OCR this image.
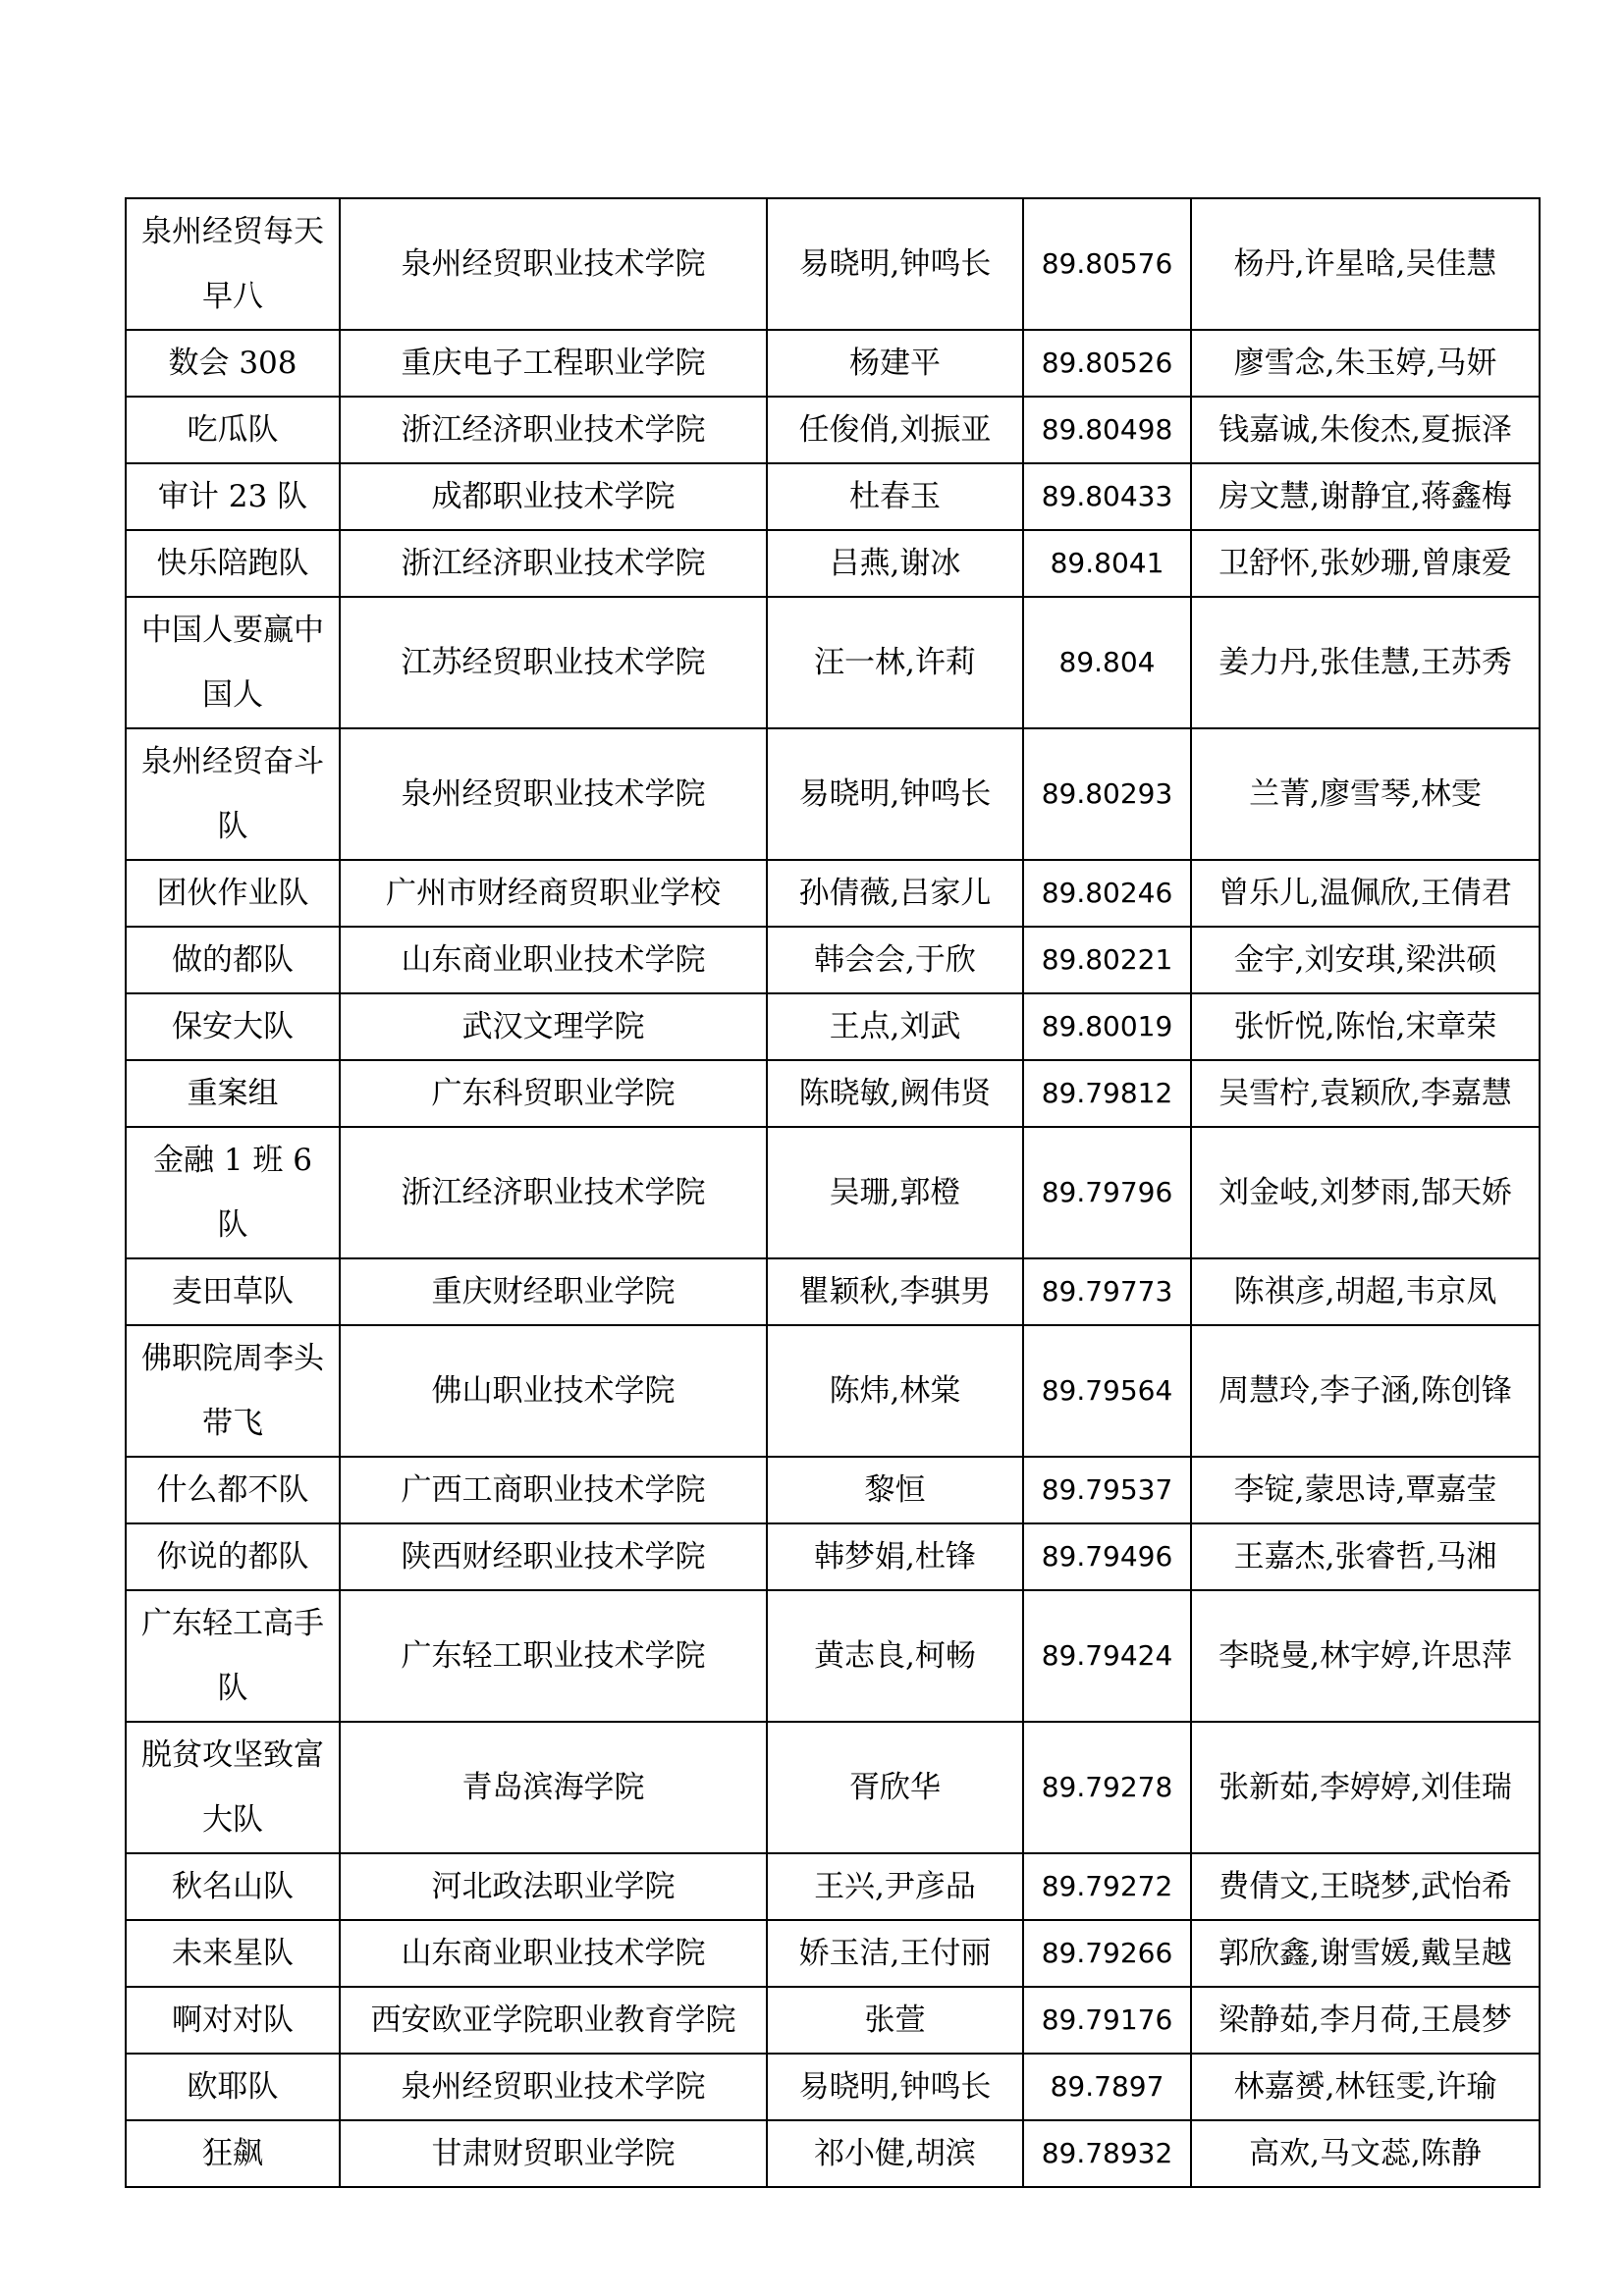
泉州经贸每天早八	泉州经贸职业技术学院	易晓明,钟鸣长	89.80576	杨丹,许星晗,吴佳慧
数会 308	重庆电子工程职业学院	杨建平	89.80526	廖雪念,朱玉婷,马妍
吃瓜队	浙江经济职业技术学院	任俊俏,刘振亚	89.80498	钱嘉诚,朱俊杰,夏振泽
审计 23 队	成都职业技术学院	杜春玉	89.80433	房文慧,谢静宜,蒋鑫梅
快乐陪跑队	浙江经济职业技术学院	吕燕,谢冰	89.8041	卫舒怀,张妙珊,曾康爱
中国人要赢中国人	江苏经贸职业技术学院	汪一林,许莉	89.804	姜力丹,张佳慧,王苏秀
泉州经贸奋斗队	泉州经贸职业技术学院	易晓明,钟鸣长	89.80293	兰菁,廖雪琴,林雯
团伙作业队	广州市财经商贸职业学校	孙倩薇,吕家儿	89.80246	曾乐儿,温佩欣,王倩君
做的都队	山东商业职业技术学院	韩会会,于欣	89.80221	金宇,刘安琪,梁洪硕
保安大队	武汉文理学院	王点,刘武	89.80019	张忻悦,陈怡,宋章荣
重案组	广东科贸职业学院	陈晓敏,阙伟贤	89.79812	吴雪柠,袁颖欣,李嘉慧
金融 1 班 6 队	浙江经济职业技术学院	吴珊,郭橙	89.79796	刘金岐,刘梦雨,郜天娇
麦田草队	重庆财经职业学院	瞿颖秋,李骐男	89.79773	陈祺彦,胡超,韦京凤
佛职院周李头带飞	佛山职业技术学院	陈炜,林棠	89.79564	周慧玲,李子涵,陈创锋
什么都不队	广西工商职业技术学院	黎恒	89.79537	李锭,蒙思诗,覃嘉莹
你说的都队	陕西财经职业技术学院	韩梦娟,杜锋	89.79496	王嘉杰,张睿哲,马湘
广东轻工高手队	广东轻工职业技术学院	黄志良,柯畅	89.79424	李晓曼,林宇婷,许思萍
脱贫攻坚致富大队	青岛滨海学院	胥欣华	89.79278	张新茹,李婷婷,刘佳瑞
秋名山队	河北政法职业学院	王兴,尹彦品	89.79272	费倩文,王晓梦,武怡希
未来星队	山东商业职业技术学院	娇玉洁,王付丽	89.79266	郭欣鑫,谢雪媛,戴呈越
啊对对队	西安欧亚学院职业教育学院	张萱	89.79176	梁静茹,李月荷,王晨梦
欧耶队	泉州经贸职业技术学院	易晓明,钟鸣长	89.7897	林嘉赟,林钰雯,许瑜
狂飙	甘肃财贸职业学院	祁小健,胡滨	89.78932	高欢,马文蕊,陈静
